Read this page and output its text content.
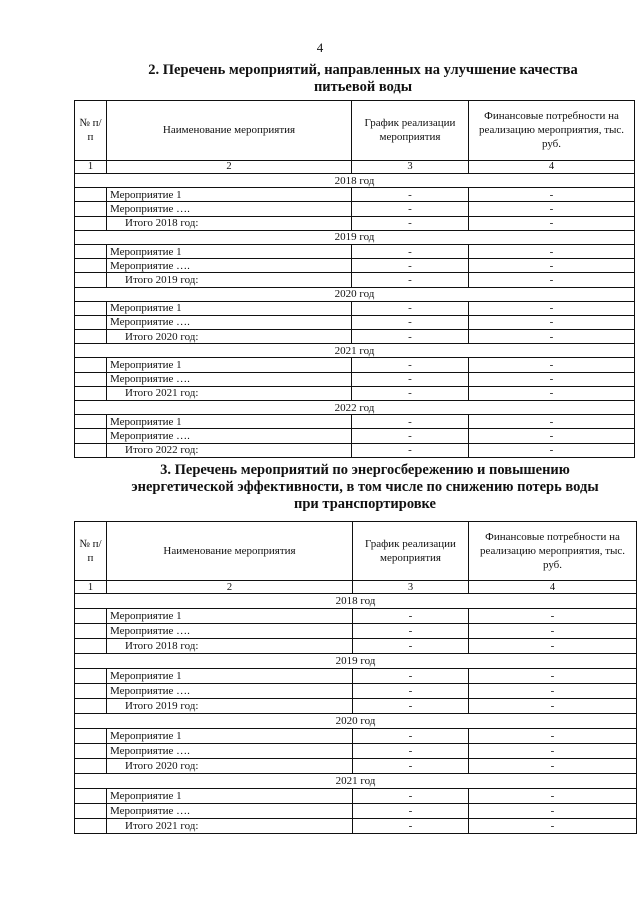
4
2. Перечень мероприятий, направленных на улучшение качества
питьевой воды
№ п/п	Наименование мероприятия	График реализации мероприятия	Финансовые потребности на реализацию мероприятия, тыс. руб.
1	2	3	4
2018 год			
	Мероприятие 1	-	-
	Мероприятие ….	-	-
	Итого 2018 год:	-	-
2019 год			
	Мероприятие 1	-	-
	Мероприятие ….	-	-
	Итого 2019 год:	-	-
2020 год			
	Мероприятие 1	-	-
	Мероприятие ….	-	-
	Итого 2020 год:	-	-
2021 год			
	Мероприятие 1	-	-
	Мероприятие ….	-	-
	Итого 2021 год:	-	-
2022 год			
	Мероприятие 1	-	-
	Мероприятие ….	-	-
	Итого 2022 год:	-	-
3. Перечень мероприятий по энергосбережению и повышению
энергетической эффективности, в том числе по снижению потерь воды
при транспортировке
№ п/п	Наименование мероприятия	График реализации мероприятия	Финансовые потребности на реализацию мероприятия, тыс. руб.
1	2	3	4
2018 год			
	Мероприятие 1	-	-
	Мероприятие ….	-	-
	Итого 2018 год:	-	-
2019 год			
	Мероприятие 1	-	-
	Мероприятие ….	-	-
	Итого 2019 год:	-	-
2020 год			
	Мероприятие 1	-	-
	Мероприятие ….	-	-
	Итого 2020 год:	-	-
2021 год			
	Мероприятие 1	-	-
	Мероприятие ….	-	-
	Итого 2021 год:	-	-
